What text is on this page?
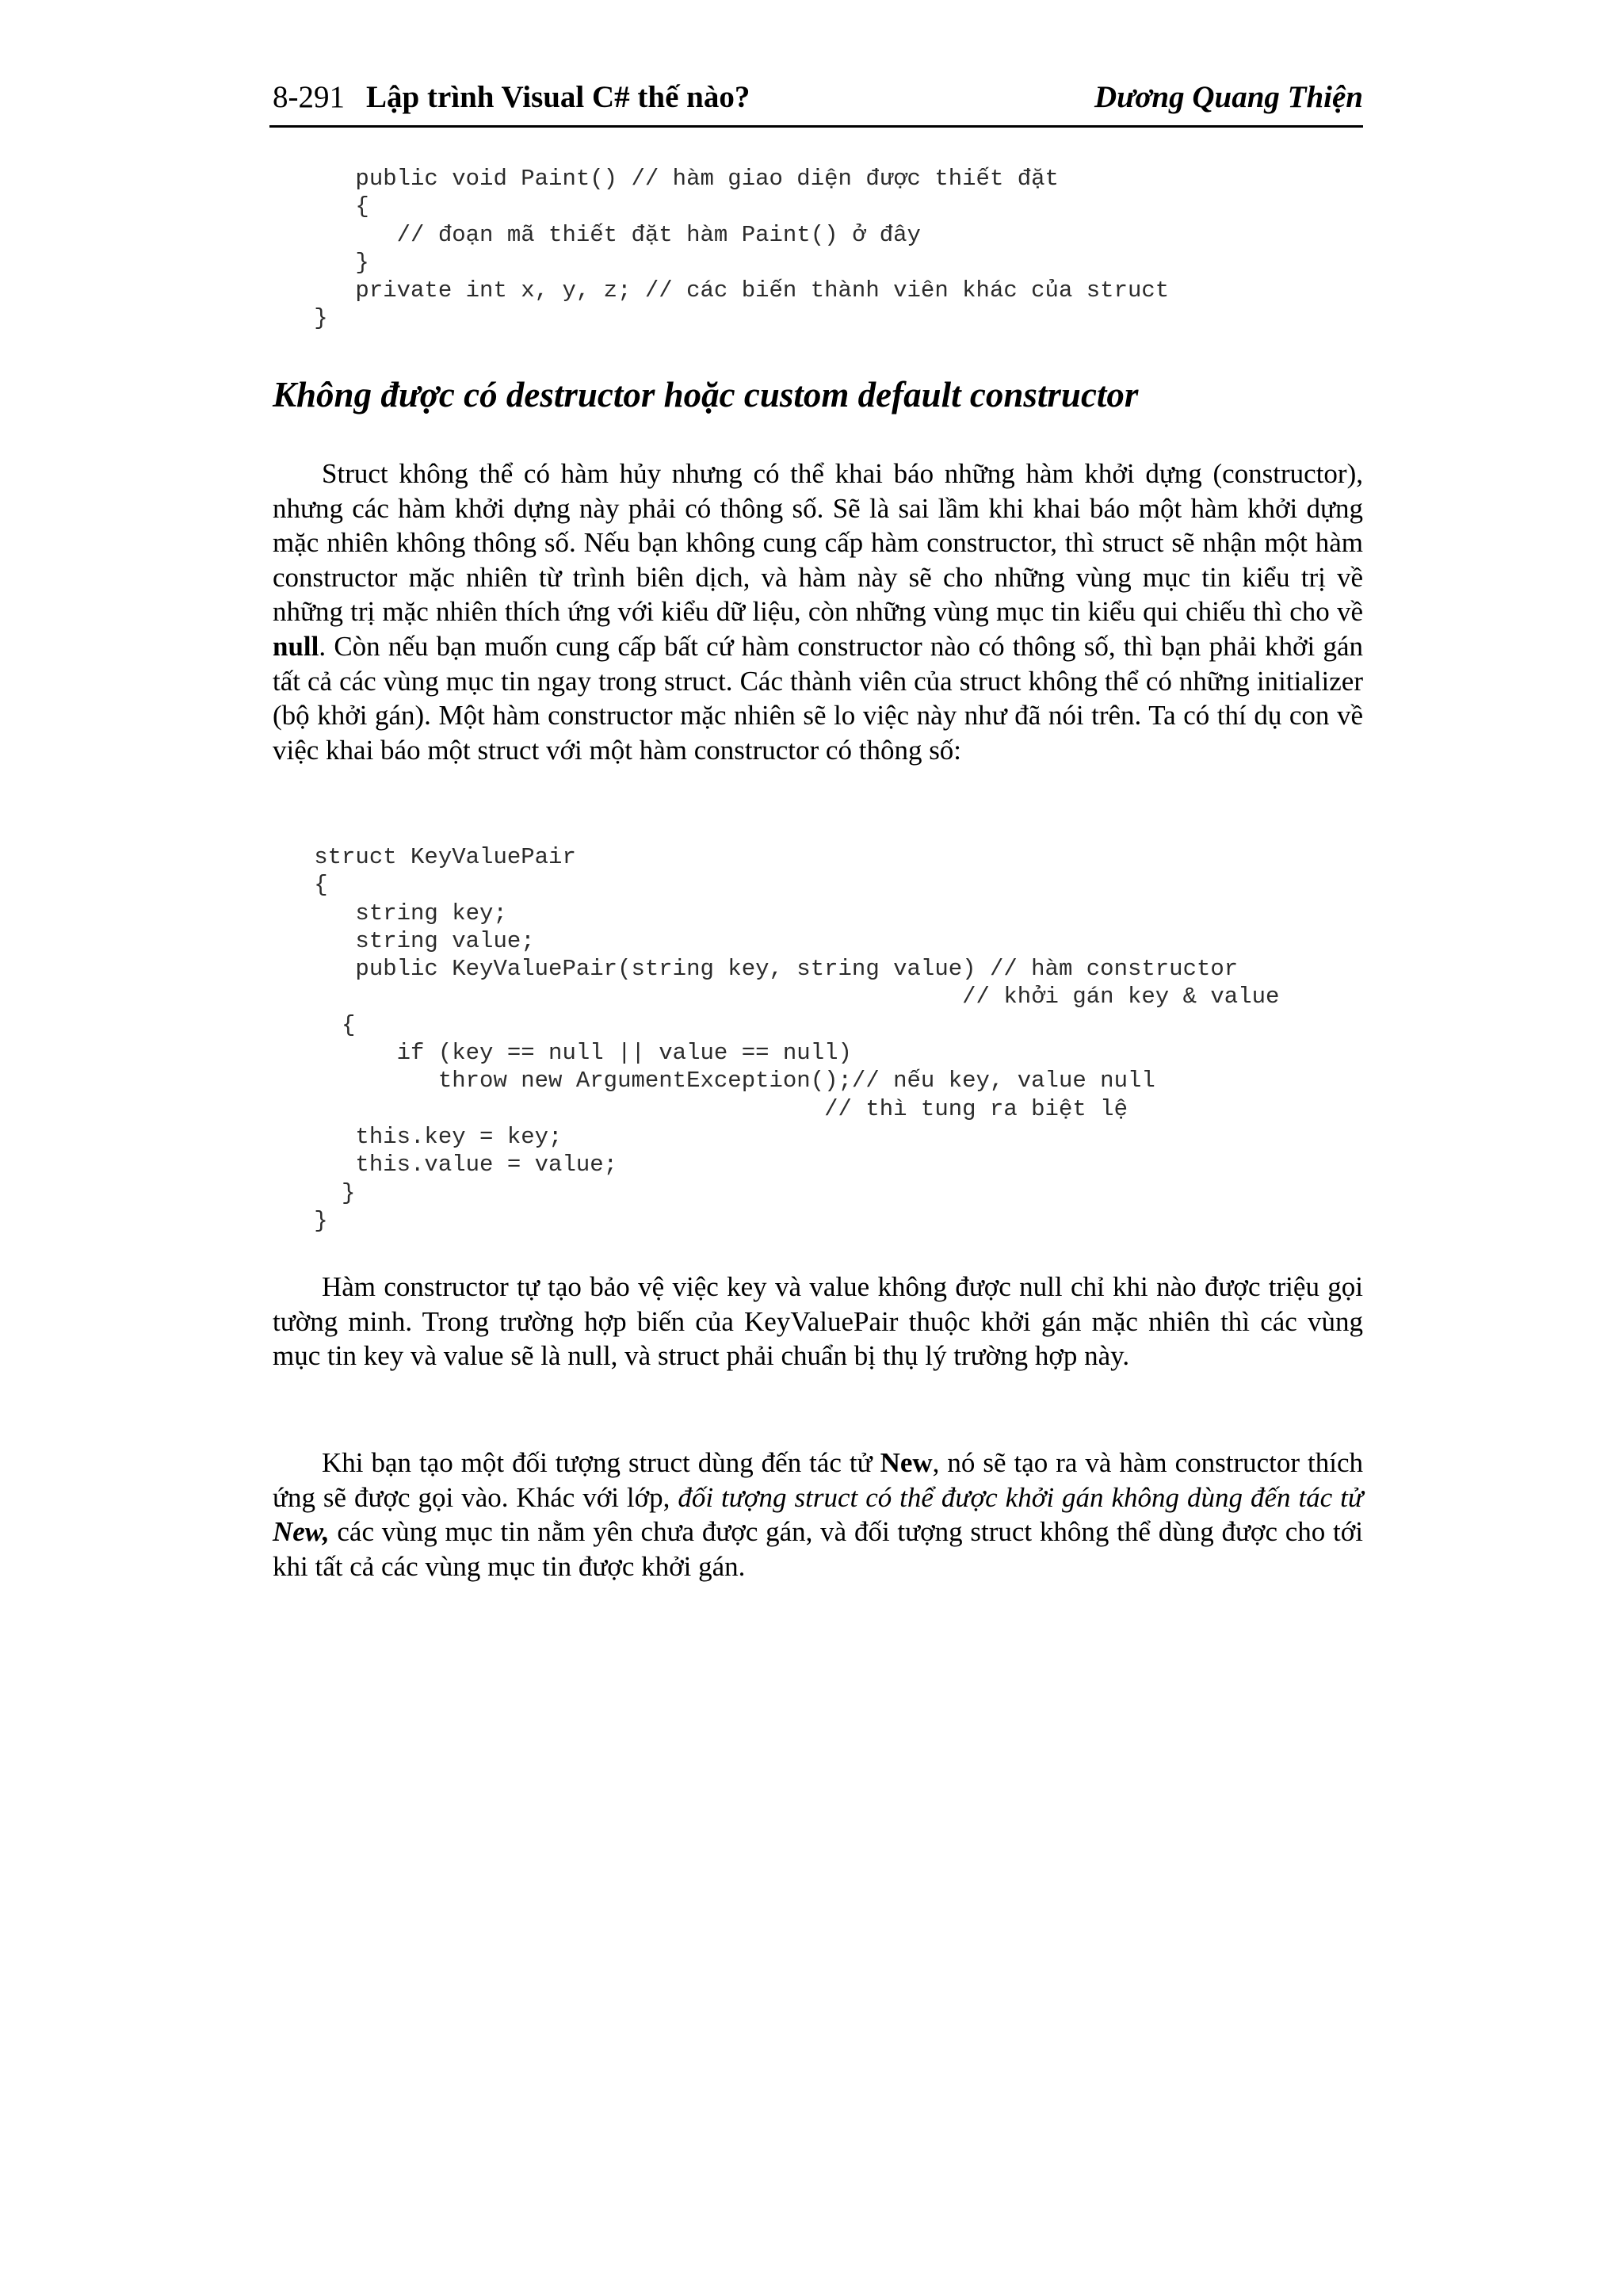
8-291 Lập trình Visual C# thế nào?	Dương Quang Thiện
public void Paint() // hàm giao diện được thiết đặt
{
// đoạn mã thiết đặt hàm Paint() ở đây
}
private int x, y, z; // các biến thành viên khác của struct
}
Không được có destructor hoặc custom default constructor

Struct không thể có hàm hủy nhưng có thể khai báo những hàm khởi dựng (constructor), nhưng các hàm khởi dựng này phải có thông số. Sẽ là sai lầm khi khai báo một hàm khởi dựng mặc nhiên không thông số. Nếu bạn không cung cấp hàm constructor, thì struct sẽ nhận một hàm constructor mặc nhiên từ trình biên dịch, và hàm này sẽ cho những vùng mục tin kiểu trị về những trị mặc nhiên thích ứng với kiểu dữ liệu, còn những vùng mục tin kiểu qui chiếu thì cho về null. Còn nếu bạn muốn cung cấp bất cứ hàm constructor nào có thông số, thì bạn phải khởi gán tất cả các vùng mục tin ngay trong struct. Các thành viên của struct không thể có những initializer (bộ khởi gán). Một hàm constructor mặc nhiên sẽ lo việc này như đã nói trên. Ta có thí dụ con về việc khai báo một struct với một hàm constructor có thông số:

struct KeyValuePair
{
string key;
string value;
public KeyValuePair(string key, string value) // hàm constructor
// khởi gán key & value
{
if (key == null || value == null)
throw new ArgumentException();// nếu key, value null
// thì tung ra biệt lệ
this.key = key;
this.value = value;
}
}

Hàm constructor tự tạo bảo vệ việc key và value không được null chỉ khi nào được triệu gọi tường minh. Trong trường hợp biến của KeyValuePair thuộc khởi gán mặc nhiên thì các vùng mục tin key và value sẽ là null, và struct phải chuẩn bị thụ lý trường hợp này.

Khi bạn tạo một đối tượng struct dùng đến tác tử New, nó sẽ tạo ra và hàm constructor thích ứng sẽ được gọi vào. Khác với lớp, đối tượng struct có thể được khởi gán không dùng đến tác tử New, các vùng mục tin nằm yên chưa được gán, và đối tượng struct không thể dùng được cho tới khi tất cả các vùng mục tin được khởi gán.
